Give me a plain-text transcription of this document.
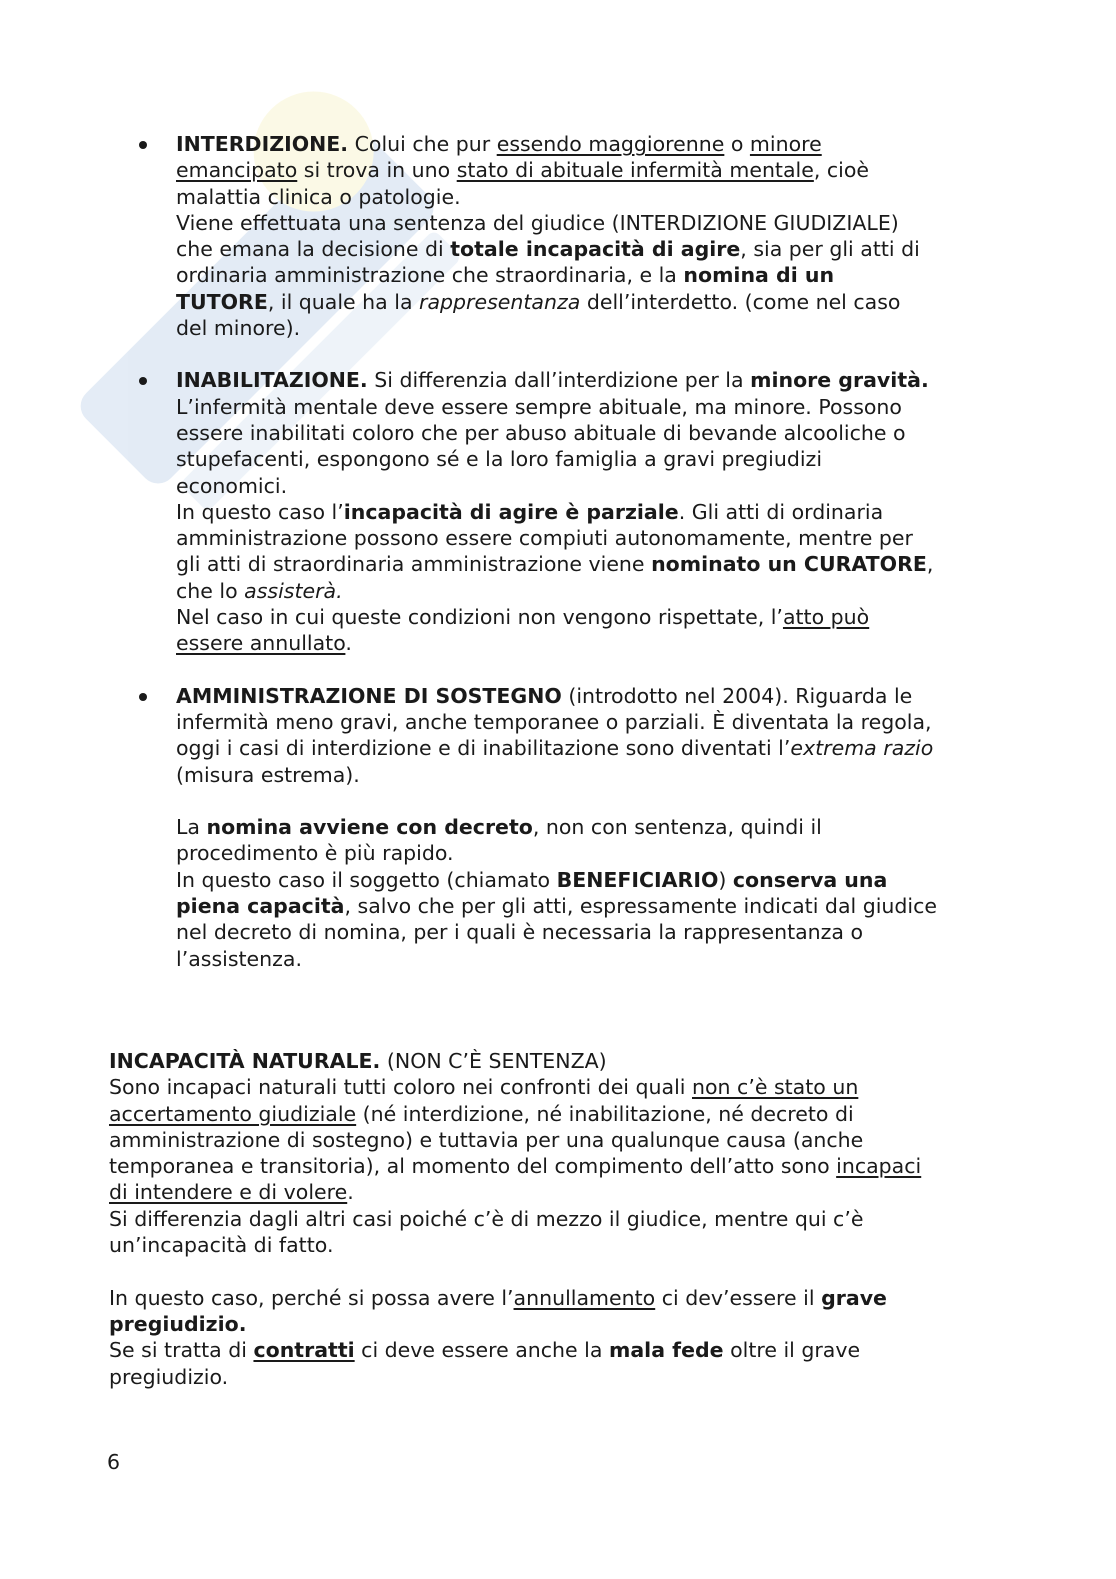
INTERDIZIONE. Colui che pur essendo maggiorenne o minore
emancipato si trova in uno stato di abituale infermità mentale, cioè
malattia clinica o patologie.
Viene effettuata una sentenza del giudice (INTERDIZIONE GIUDIZIALE)
che emana la decisione di totale incapacità di agire, sia per gli atti di
ordinaria amministrazione che straordinaria, e la nomina di un
TUTORE, il quale ha la rappresentanza dell’interdetto. (come nel caso
del minore).
INABILITAZIONE. Si differenzia dall’interdizione per la minore gravità.
L’infermità mentale deve essere sempre abituale, ma minore. Possono
essere inabilitati coloro che per abuso abituale di bevande alcooliche o
stupefacenti, espongono sé e la loro famiglia a gravi pregiudizi
economici.
In questo caso l’incapacità di agire è parziale. Gli atti di ordinaria
amministrazione possono essere compiuti autonomamente, mentre per
gli atti di straordinaria amministrazione viene nominato un CURATORE,
che lo assisterà.
Nel caso in cui queste condizioni non vengono rispettate, l’atto può
essere annullato.
AMMINISTRAZIONE DI SOSTEGNO (introdotto nel 2004). Riguarda le
infermità meno gravi, anche temporanee o parziali. È diventata la regola,
oggi i casi di interdizione e di inabilitazione sono diventati l’extrema razio
(misura estrema).
La nomina avviene con decreto, non con sentenza, quindi il
procedimento è più rapido.
In questo caso il soggetto (chiamato BENEFICIARIO) conserva una
piena capacità, salvo che per gli atti, espressamente indicati dal giudice
nel decreto di nomina, per i quali è necessaria la rappresentanza o
l’assistenza.
INCAPACITÀ NATURALE. (NON C’È SENTENZA)
Sono incapaci naturali tutti coloro nei confronti dei quali non c’è stato un
accertamento giudiziale (né interdizione, né inabilitazione, né decreto di
amministrazione di sostegno) e tuttavia per una qualunque causa (anche
temporanea e transitoria), al momento del compimento dell’atto sono incapaci
di intendere e di volere.
Si differenzia dagli altri casi poiché c’è di mezzo il giudice, mentre qui c’è
un’incapacità di fatto.
In questo caso, perché si possa avere l’annullamento ci dev’essere il grave
pregiudizio.
Se si tratta di contratti ci deve essere anche la mala fede oltre il grave
pregiudizio.
6
